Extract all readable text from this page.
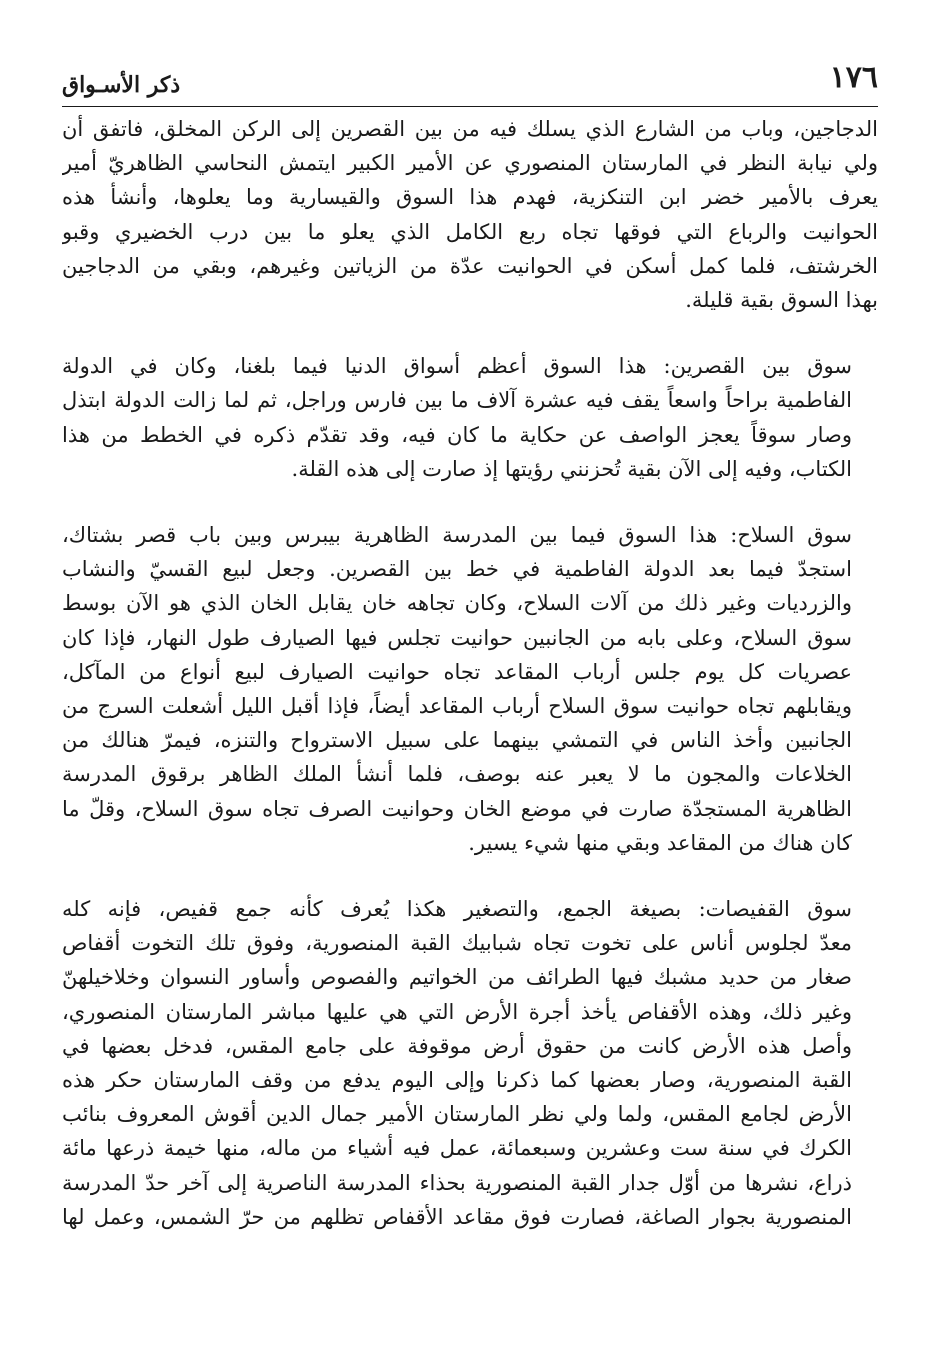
١٧٦
ذكر الأسـواق

الدجاجين، وباب من الشارع الذي يسلك فيه من بين القصرين إلى الركن المخلق، فاتفق أن
ولي نيابة النظر في المارستان المنصوري عن الأمير الكبير ايتمش النحاسي الظاهريّ أمير
يعرف بالأمير خضر ابن التنكزية، فهدم هذا السوق والقيسارية وما يعلوها، وأنشأ هذه
الحوانيت والرباع التي فوقها تجاه ربع الكامل الذي يعلو ما بين درب الخضيري وقبو
الخرشتف، فلما كمل أسكن في الحوانيت عدّة من الزياتين وغيرهم، وبقي من الدجاجين
بهذا السوق بقية قليلة.

سوق بين القصرين: هذا السوق أعظم أسواق الدنيا فيما بلغنا، وكان في الدولة
الفاطمية براحاً واسعاً يقف فيه عشرة آلاف ما بين فارس وراجل، ثم لما زالت الدولة ابتذل
وصار سوقاً يعجز الواصف عن حكاية ما كان فيه، وقد تقدّم ذكره في الخطط من هذا
الكتاب، وفيه إلى الآن بقية تُحزنني رؤيتها إذ صارت إلى هذه القلة.

سوق السلاح: هذا السوق فيما بين المدرسة الظاهرية بيبرس وبين باب قصر بشتاك،
استجدّ فيما بعد الدولة الفاطمية في خط بين القصرين. وجعل لبيع القسيّ والنشاب
والزرديات وغير ذلك من آلات السلاح، وكان تجاهه خان يقابل الخان الذي هو الآن بوسط
سوق السلاح، وعلى بابه من الجانبين حوانيت تجلس فيها الصيارف طول النهار، فإذا كان
عصريات كل يوم جلس أرباب المقاعد تجاه حوانيت الصيارف لبيع أنواع من المآكل،
ويقابلهم تجاه حوانيت سوق السلاح أرباب المقاعد أيضاً، فإذا أقبل الليل أشعلت السرج من
الجانبين وأخذ الناس في التمشي بينهما على سبيل الاسترواح والتنزه، فيمرّ هنالك من
الخلاعات والمجون ما لا يعبر عنه بوصف، فلما أنشأ الملك الظاهر برقوق المدرسة
الظاهرية المستجدّة صارت في موضع الخان وحوانيت الصرف تجاه سوق السلاح، وقلّ ما
كان هناك من المقاعد وبقي منها شيء يسير.

سوق القفيصات: بصيغة الجمع، والتصغير هكذا يُعرف كأنه جمع قفيص، فإنه كله
معدّ لجلوس أناس على تخوت تجاه شبابيك القبة المنصورية، وفوق تلك التخوت أقفاص
صغار من حديد مشبك فيها الطرائف من الخواتيم والفصوص وأساور النسوان وخلاخيلهنّ
وغير ذلك، وهذه الأقفاص يأخذ أجرة الأرض التي هي عليها مباشر المارستان المنصوري،
وأصل هذه الأرض كانت من حقوق أرض موقوفة على جامع المقس، فدخل بعضها في
القبة المنصورية، وصار بعضها كما ذكرنا وإلى اليوم يدفع من وقف المارستان حكر هذه
الأرض لجامع المقس، ولما ولي نظر المارستان الأمير جمال الدين أقوش المعروف بنائب
الكرك في سنة ست وعشرين وسبعمائة، عمل فيه أشياء من ماله، منها خيمة ذرعها مائة
ذراع، نشرها من أوّل جدار القبة المنصورية بحذاء المدرسة الناصرية إلى آخر حدّ المدرسة
المنصورية بجوار الصاغة، فصارت فوق مقاعد الأقفاص تظلهم من حرّ الشمس، وعمل لها
